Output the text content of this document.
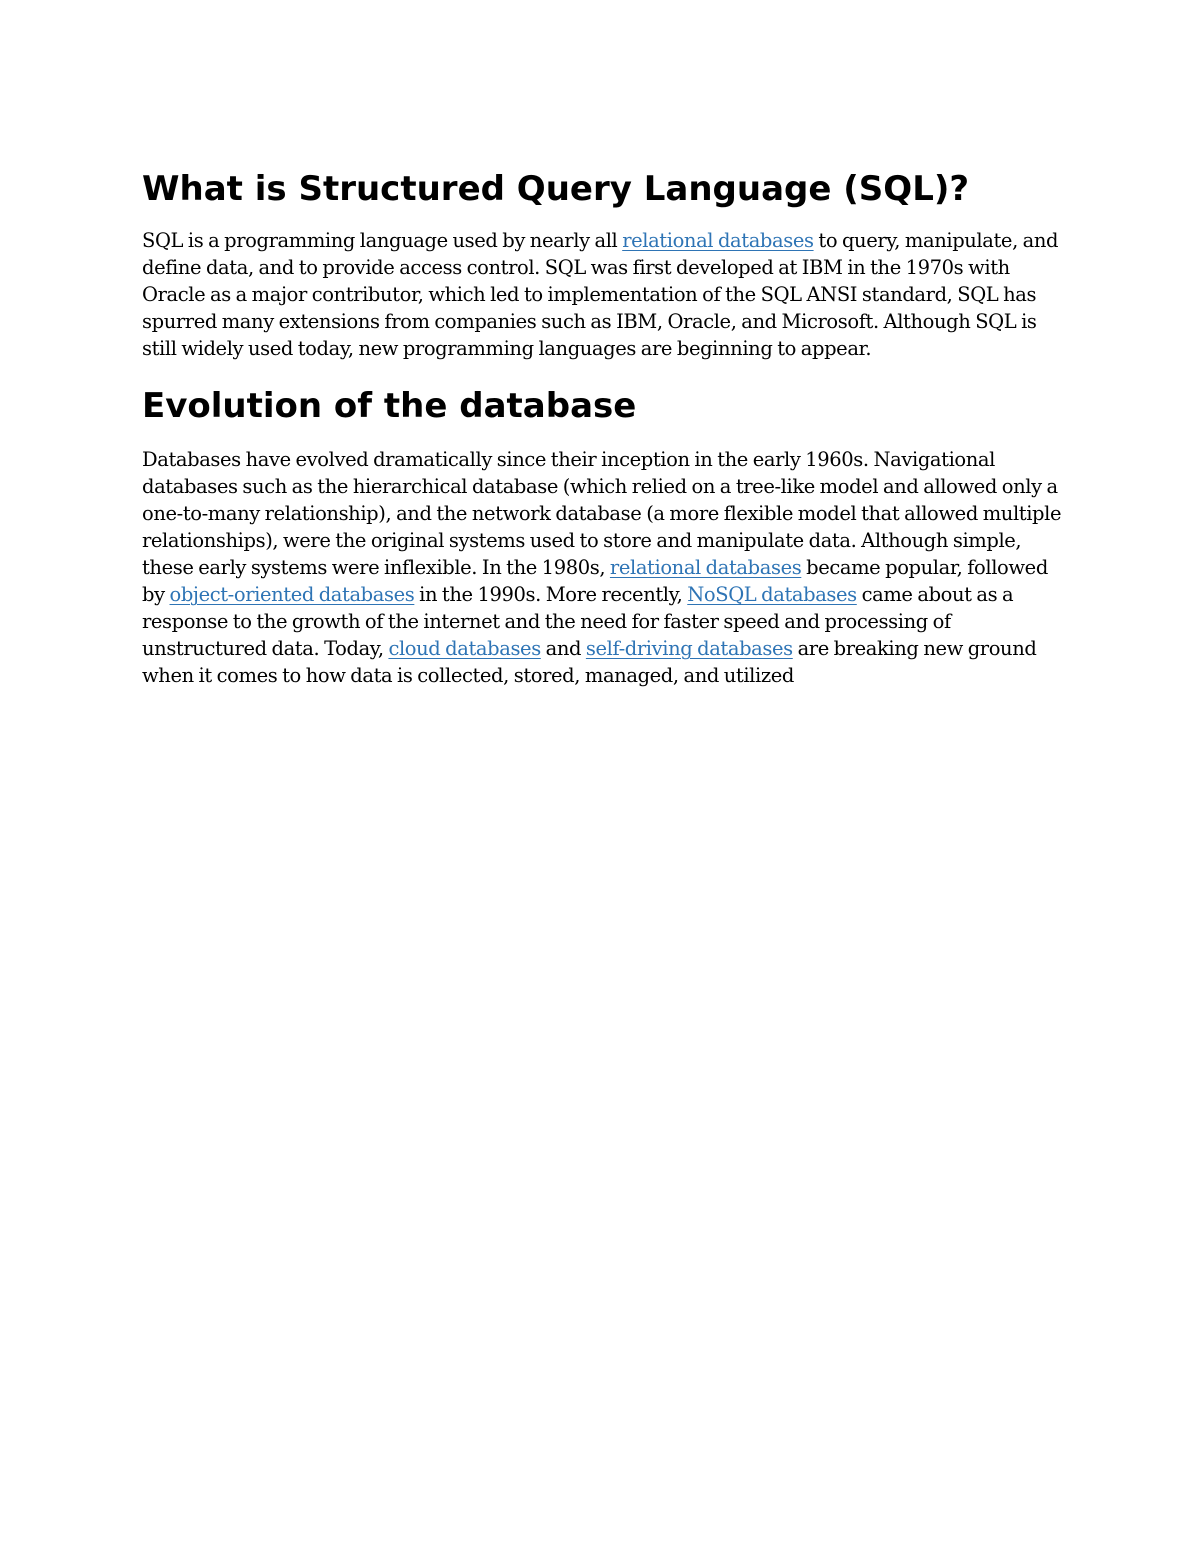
What is Structured Query Language (SQL)?

SQL is a programming language used by nearly all relational databases to query, manipulate, and define data, and to provide access control. SQL was first developed at IBM in the 1970s with Oracle as a major contributor, which led to implementation of the SQL ANSI standard, SQL has spurred many extensions from companies such as IBM, Oracle, and Microsoft. Although SQL is still widely used today, new programming languages are beginning to appear.

Evolution of the database

Databases have evolved dramatically since their inception in the early 1960s. Navigational databases such as the hierarchical database (which relied on a tree-like model and allowed only a one-to-many relationship), and the network database (a more flexible model that allowed multiple relationships), were the original systems used to store and manipulate data. Although simple, these early systems were inflexible. In the 1980s, relational databases became popular, followed by object-oriented databases in the 1990s. More recently, NoSQL databases came about as a response to the growth of the internet and the need for faster speed and processing of unstructured data. Today, cloud databases and self-driving databases are breaking new ground when it comes to how data is collected, stored, managed, and utilized
